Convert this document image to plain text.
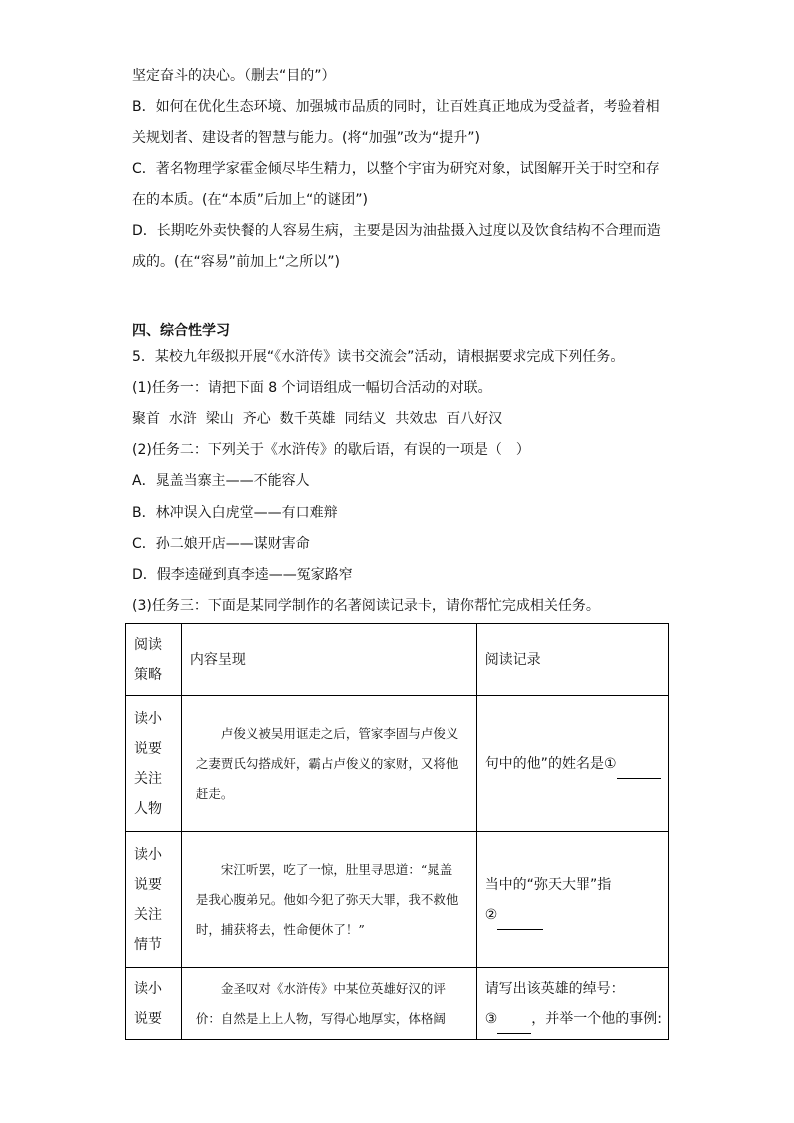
坚定奋斗的决心。（删去“目的”）
B．如何在优化生态环境、加强城市品质的同时，让百姓真正地成为受益者，考验着相
关规划者、建设者的智慧与能力。(将“加强”改为“提升”)
C．著名物理学家霍金倾尽毕生精力，以整个宇宙为研究对象，试图解开关于时空和存
在的本质。(在“本质”后加上“的谜团”)
D．长期吃外卖快餐的人容易生病，主要是因为油盐摄入过度以及饮食结构不合理而造
成的。(在“容易”前加上“之所以”)
四、综合性学习
5．某校九年级拟开展“《水浒传》读书交流会”活动，请根据要求完成下列任务。
(1)任务一：请把下面 8 个词语组成一幅切合活动的对联。
聚首  水浒  梁山  齐心  数千英雄  同结义  共效忠  百八好汉
(2)任务二：下列关于《水浒传》的歇后语，有误的一项是（　）
A．晁盖当寨主——不能容人
B．林冲误入白虎堂——有口难辩
C．孙二娘开店——谋财害命
D．假李逵碰到真李逵——冤家路窄
(3)任务三：下面是某同学制作的名著阅读记录卡，请你帮忙完成相关任务。
阅读
策略	内容呈现	阅读记录

读小
说要
关注
人物	卢俊义被吴用诓走之后，管家李固与卢俊义之妻贾氏勾搭成奸，霸占卢俊义的家财，又将他赶走。	句中的他”的姓名是①

读小
说要
关注
情节	宋江听罢，吃了一惊，肚里寻思道：“晁盖是我心腹弟兄。他如今犯了弥天大罪，我不救他时，捕获将去，性命便休了！”	当中的“弥天大罪”指
②

读小
说要	金圣叹对《水浒传》中某位英雄好汉的评价：自然是上上人物，写得心地厚实，体格阔	请写出该英雄的绰号：
③ ，并举一个他的事例:
